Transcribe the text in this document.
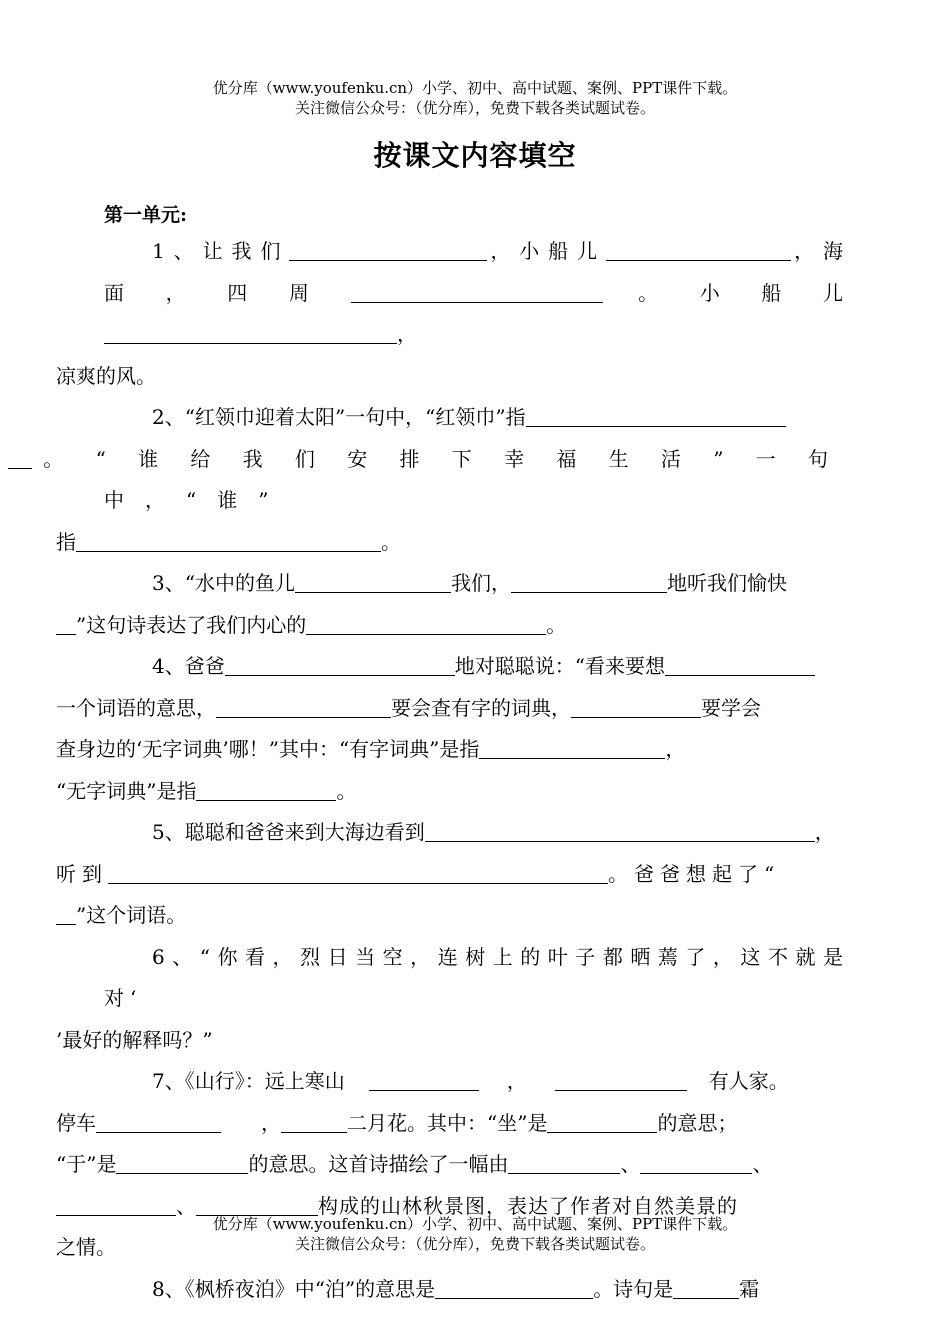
优分库（www.youfenku.cn）小学、初中、高中试题、案例、PPT课件下载。
关注微信公众号：（优分库），免费下载各类试题试卷。
按课文内容填空
第一单元:

1、让我们	，小船儿	，海面，四周	。小船儿，
凉爽的风。

2、“红领巾迎着太阳”一句中，“红领巾”指
。“谁给我们安排下幸福生活”一句中，“谁”
指	。

3、“水中的鱼儿	我们，	地听我们愉快
”这句诗表达了我们内心的	。

4、爸爸	地对聪聪说：“看来要想
一个词语的意思，	要会查有字的词典，	要学会
查身边的‘无字词典’哪！”其中：“有字词典”是指	，
“无字词典”是指	。

5、聪聪和爸爸来到大海边看到	，
听到	。爸爸想起了“
”这个词语。

6、“你看，烈日当空，连树上的叶子都晒蔫了，这不就是对‘
’最好的解释吗？”

7、《山行》：远上寒山	，	有人家。
停车	，	二月花。其中：“坐”是	的意思；
“于”是	的意思。这首诗描绘了一幅由	、	、
、	构成的山林秋景图，表达了作者对自然美景的
之情。

8、《枫桥夜泊》中“泊”的意思是	。诗句是	霜

优分库（www.youfenku.cn）小学、初中、高中试题、案例、PPT课件下载。
关注微信公众号：（优分库），免费下载各类试题试卷。
